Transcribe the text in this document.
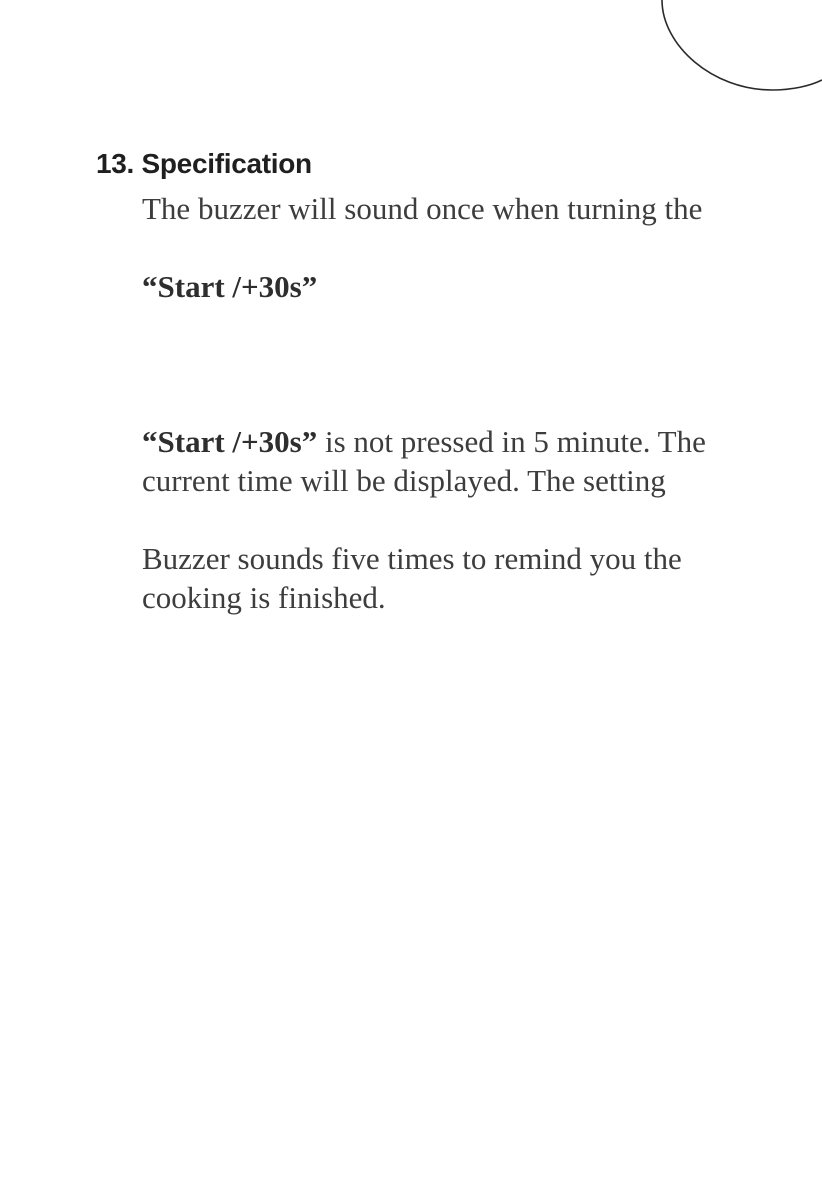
13. Specification
The buzzer will sound once when turning the
“Start /+30s”
“Start /+30s” is not pressed in 5 minute. The
current time will be displayed. The setting
Buzzer sounds five times to remind you the
cooking is finished.
